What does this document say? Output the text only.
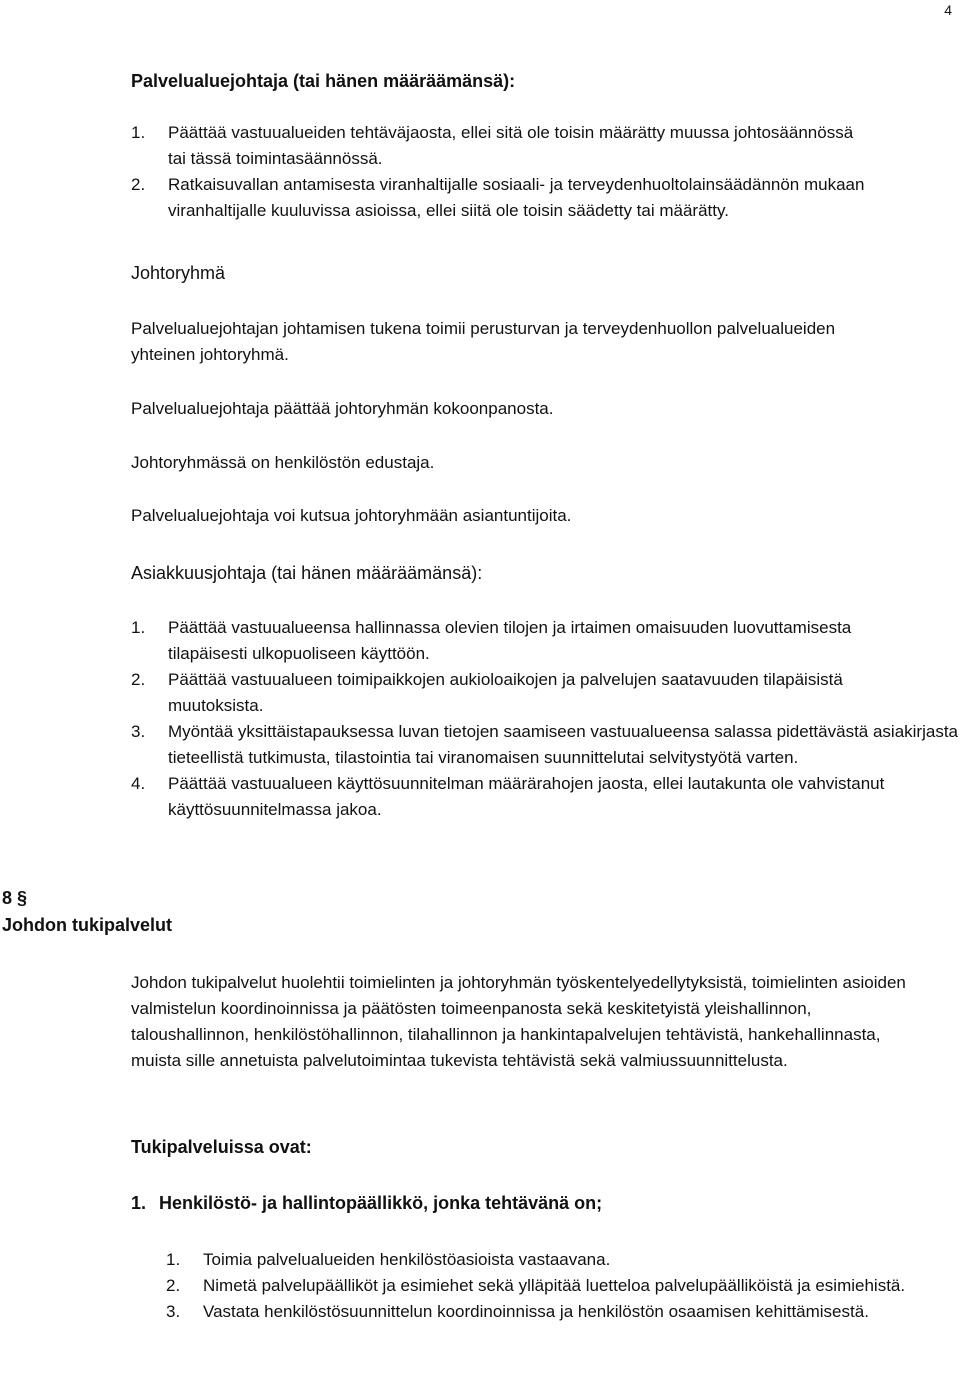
4
Palvelualuejohtaja (tai hänen määräämänsä):
1. Päättää vastuualueiden tehtäväjaosta, ellei sitä ole toisin määrätty muussa johtosäännössä tai tässä toimintasäännössä.
2. Ratkaisuvallan antamisesta viranhaltijalle sosiaali- ja terveydenhuoltolainsäädännön mukaan viranhaltijalle kuuluvissa asioissa, ellei siitä ole toisin säädetty tai määrätty.
Johtoryhmä

Palvelualuejohtajan johtamisen tukena toimii perusturvan ja terveydenhuollon palvelualueiden yhteinen johtoryhmä.

Palvelualuejohtaja päättää johtoryhmän kokoonpanosta.

Johtoryhmässä on henkilöstön edustaja.

Palvelualuejohtaja voi kutsua johtoryhmään asiantuntijoita.

Asiakkuusjohtaja (tai hänen määräämänsä):
1. Päättää vastuualueensa hallinnassa olevien tilojen ja irtaimen omaisuuden luovuttamisesta tilapäisesti ulkopuoliseen käyttöön.
2. Päättää vastuualueen toimipaikkojen aukioloaikojen ja palvelujen saatavuuden tilapäisistä muutoksista.
3. Myöntää yksittäistapauksessa luvan tietojen saamiseen vastuualueensa salassa pidettävästä asiakirjasta tieteellistä tutkimusta, tilastointia tai viranomaisen suunnittelutai selvitystyötä varten.
4. Päättää vastuualueen käyttösuunnitelman määrärahojen jaosta, ellei lautakunta ole vahvistanut käyttösuunnitelmassa jakoa.
8 §
Johdon tukipalvelut

Johdon tukipalvelut huolehtii toimielinten ja johtoryhmän työskentelyedellytyksistä, toimielinten asioiden valmistelun koordinoinnissa ja päätösten toimeenpanosta sekä keskitetyistä yleishallinnon, taloushallinnon, henkilöstöhallinnon, tilahallinnon ja hankintapalvelujen tehtävistä, hankehallinnasta, muista sille annetuista palvelutoimintaa tukevista tehtävistä sekä valmiussuunnittelusta.

Tukipalveluissa ovat:
1. Henkilöstö- ja hallintopäällikkö, jonka tehtävänä on;
1. Toimia palvelualueiden henkilöstöasioista vastaavana.
2. Nimetä palvelupäälliköt ja esimiehet sekä ylläpitää luetteloa palvelupäälliköistä ja esimiehistä.
3. Vastata henkilöstösuunnittelun koordinoinnissa ja henkilöstön osaamisen kehittämisestä.
